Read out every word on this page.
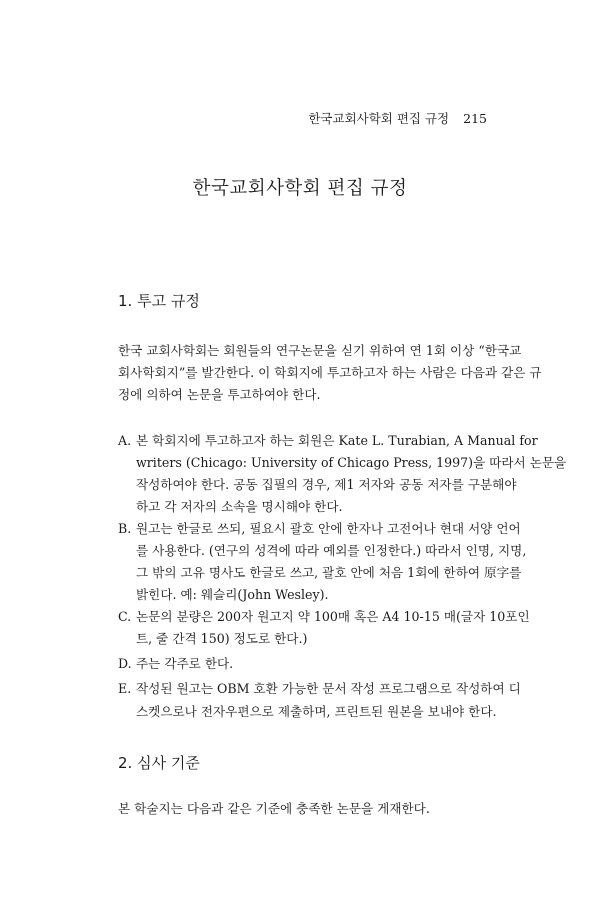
한국교회사학회 편집 규정 215
한국교회사학회 편집 규정
1. 투고 규정
한국 교회사학회는 회원들의 연구논문을 싣기 위하여 연 1회 이상 “한국교
회사학회지”를 발간한다. 이 학회지에 투고하고자 하는 사람은 다음과 같은 규
정에 의하여 논문을 투고하여야 한다.
A. 본 학회지에 투고하고자 하는 회원은 Kate L. Turabian, A Manual for
writers (Chicago: University of Chicago Press, 1997)을 따라서 논문을
작성하여야 한다. 공동 집필의 경우, 제1 저자와 공동 저자를 구분해야
하고 각 저자의 소속을 명시해야 한다.
B. 원고는 한글로 쓰되, 필요시 괄호 안에 한자나 고전어나 현대 서양 언어
를 사용한다. (연구의 성격에 따라 예외를 인정한다.) 따라서 인명, 지명,
그 밖의 고유 명사도 한글로 쓰고, 괄호 안에 처음 1회에 한하여 原字를
밝힌다. 예: 웨슬리(John Wesley).
C. 논문의 분량은 200자 원고지 약 100매 혹은 A4 10-15 매(글자 10포인
트, 줄 간격 150) 정도로 한다.)
D. 주는 각주로 한다.
E. 작성된 원고는 OBM 호환 가능한 문서 작성 프로그램으로 작성하여 디
스켓으로나 전자우편으로 제출하며, 프린트된 원본을 보내야 한다.
2. 심사 기준
본 학술지는 다음과 같은 기준에 충족한 논문을 게재한다.
